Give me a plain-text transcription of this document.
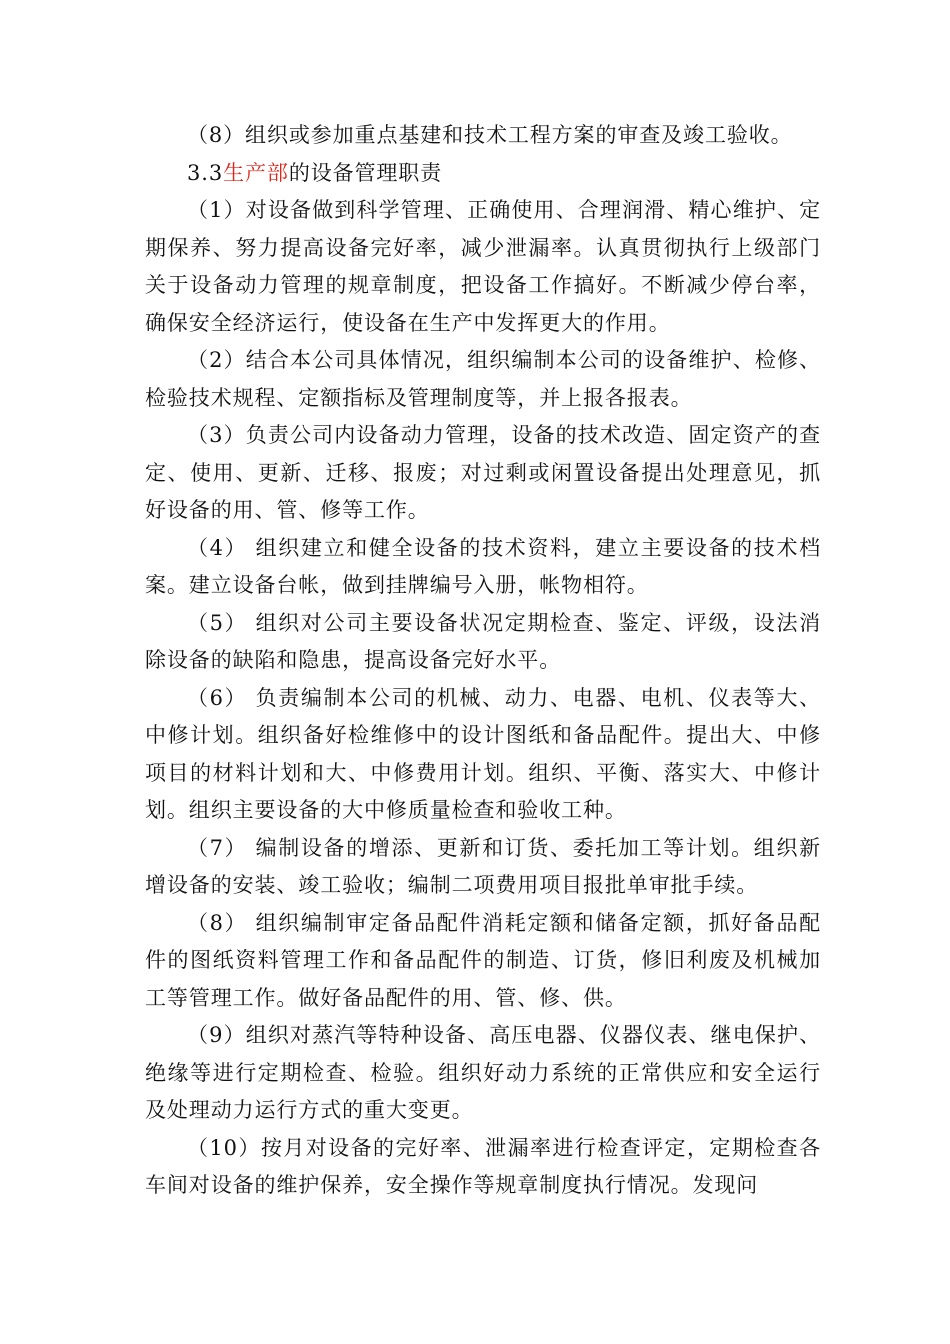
（8）组织或参加重点基建和技术工程方案的审查及竣工验收。

3.3生产部的设备管理职责

（1）对设备做到科学管理、正确使用、合理润滑、精心维护、定期保养、努力提高设备完好率，减少泄漏率。认真贯彻执行上级部门关于设备动力管理的规章制度，把设备工作搞好。不断减少停台率，确保安全经济运行，使设备在生产中发挥更大的作用。

（2）结合本公司具体情况，组织编制本公司的设备维护、检修、检验技术规程、定额指标及管理制度等，并上报各报表。

（3）负责公司内设备动力管理，设备的技术改造、固定资产的查定、使用、更新、迁移、报废；对过剩或闲置设备提出处理意见，抓好设备的用、管、修等工作。

（4） 组织建立和健全设备的技术资料，建立主要设备的技术档案。建立设备台帐，做到挂牌编号入册，帐物相符。

（5） 组织对公司主要设备状况定期检查、鉴定、评级，设法消除设备的缺陷和隐患，提高设备完好水平。

（6） 负责编制本公司的机械、动力、电器、电机、仪表等大、中修计划。组织备好检维修中的设计图纸和备品配件。提出大、中修项目的材料计划和大、中修费用计划。组织、平衡、落实大、中修计划。组织主要设备的大中修质量检查和验收工种。

（7） 编制设备的增添、更新和订货、委托加工等计划。组织新增设备的安装、竣工验收；编制二项费用项目报批单审批手续。

（8） 组织编制审定备品配件消耗定额和储备定额，抓好备品配件的图纸资料管理工作和备品配件的制造、订货，修旧利废及机械加工等管理工作。做好备品配件的用、管、修、供。

（9）组织对蒸汽等特种设备、高压电器、仪器仪表、继电保护、绝缘等进行定期检查、检验。组织好动力系统的正常供应和安全运行及处理动力运行方式的重大变更。

（10）按月对设备的完好率、泄漏率进行检查评定，定期检查各车间对设备的维护保养，安全操作等规章制度执行情况。发现问
